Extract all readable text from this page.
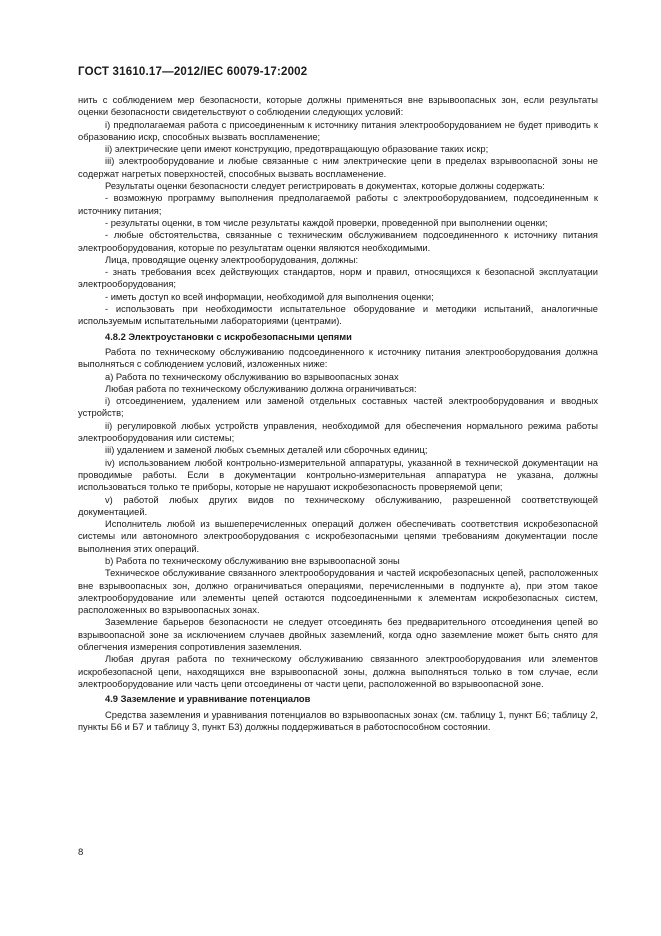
ГОСТ 31610.17—2012/IEC 60079-17:2002

нить с соблюдением мер безопасности, которые должны применяться вне взрывоопасных зон, если результаты оценки безопасности свидетельствуют о соблюдении следующих условий:

i) предполагаемая работа с присоединенным к источнику питания электрооборудованием не будет приводить к образованию искр, способных вызвать воспламенение;

ii) электрические цепи имеют конструкцию, предотвращающую образование таких искр;

iii) электрооборудование и любые связанные с ним электрические цепи в пределах взрывоопасной зоны не содержат нагретых поверхностей, способных вызвать воспламенение.

Результаты оценки безопасности следует регистрировать в документах, которые должны содержать:

- возможную программу выполнения предполагаемой работы с электрооборудованием, подсоединенным к источнику питания;

- результаты оценки, в том числе результаты каждой проверки, проведенной при выполнении оценки;

- любые обстоятельства, связанные с техническим обслуживанием подсоединенного к источнику питания электрооборудования, которые по результатам оценки являются необходимыми.

Лица, проводящие оценку электрооборудования, должны:

- знать требования всех действующих стандартов, норм и правил, относящихся к безопасной эксплуатации электрооборудования;

- иметь доступ ко всей информации, необходимой для выполнения оценки;

- использовать при необходимости испытательное оборудование и методики испытаний, аналогичные используемым испытательными лабораториями (центрами).

4.8.2 Электроустановки с искробезопасными цепями

Работа по техническому обслуживанию подсоединенного к источнику питания электрооборудования должна выполняться с соблюдением условий, изложенных ниже:

a) Работа по техническому обслуживанию во взрывоопасных зонах

Любая работа по техническому обслуживанию должна ограничиваться:

i) отсоединением, удалением или заменой отдельных составных частей электрооборудования и вводных устройств;

ii) регулировкой любых устройств управления, необходимой для обеспечения нормального режима работы электрооборудования или системы;

iii) удалением и заменой любых съемных деталей или сборочных единиц;

iv) использованием любой контрольно-измерительной аппаратуры, указанной в технической документации на проводимые работы. Если в документации контрольно-измерительная аппаратура не указана, должны использоваться только те приборы, которые не нарушают искробезопасность проверяемой цепи;

v) работой любых других видов по техническому обслуживанию, разрешенной соответствующей документацией.

Исполнитель любой из вышеперечисленных операций должен обеспечивать соответствия искробезопасной системы или автономного электрооборудования с искробезопасными цепями требованиям документации после выполнения этих операций.

b) Работа по техническому обслуживанию вне взрывоопасной зоны

Техническое обслуживание связанного электрооборудования и частей искробезопасных цепей, расположенных вне взрывоопасных зон, должно ограничиваться операциями, перечисленными в подпункте а), при этом такое электрооборудование или элементы цепей остаются подсоединенными к элементам искробезопасных систем, расположенных во взрывоопасных зонах.

Заземление барьеров безопасности не следует отсоединять без предварительного отсоединения цепей во взрывоопасной зоне за исключением случаев двойных заземлений, когда одно заземление может быть снято для облегчения измерения сопротивления заземления.

Любая другая работа по техническому обслуживанию связанного электрооборудования или элементов искробезопасной цепи, находящихся вне взрывоопасной зоны, должна выполняться только в том случае, если электрооборудование или часть цепи отсоединены от части цепи, расположенной во взрывоопасной зоне.

4.9 Заземление и уравнивание потенциалов

Средства заземления и уравнивания потенциалов во взрывоопасных зонах (см. таблицу 1, пункт Б6; таблицу 2, пункты Б6 и Б7 и таблицу 3, пункт Б3) должны поддерживаться в работоспособном состоянии.

8
